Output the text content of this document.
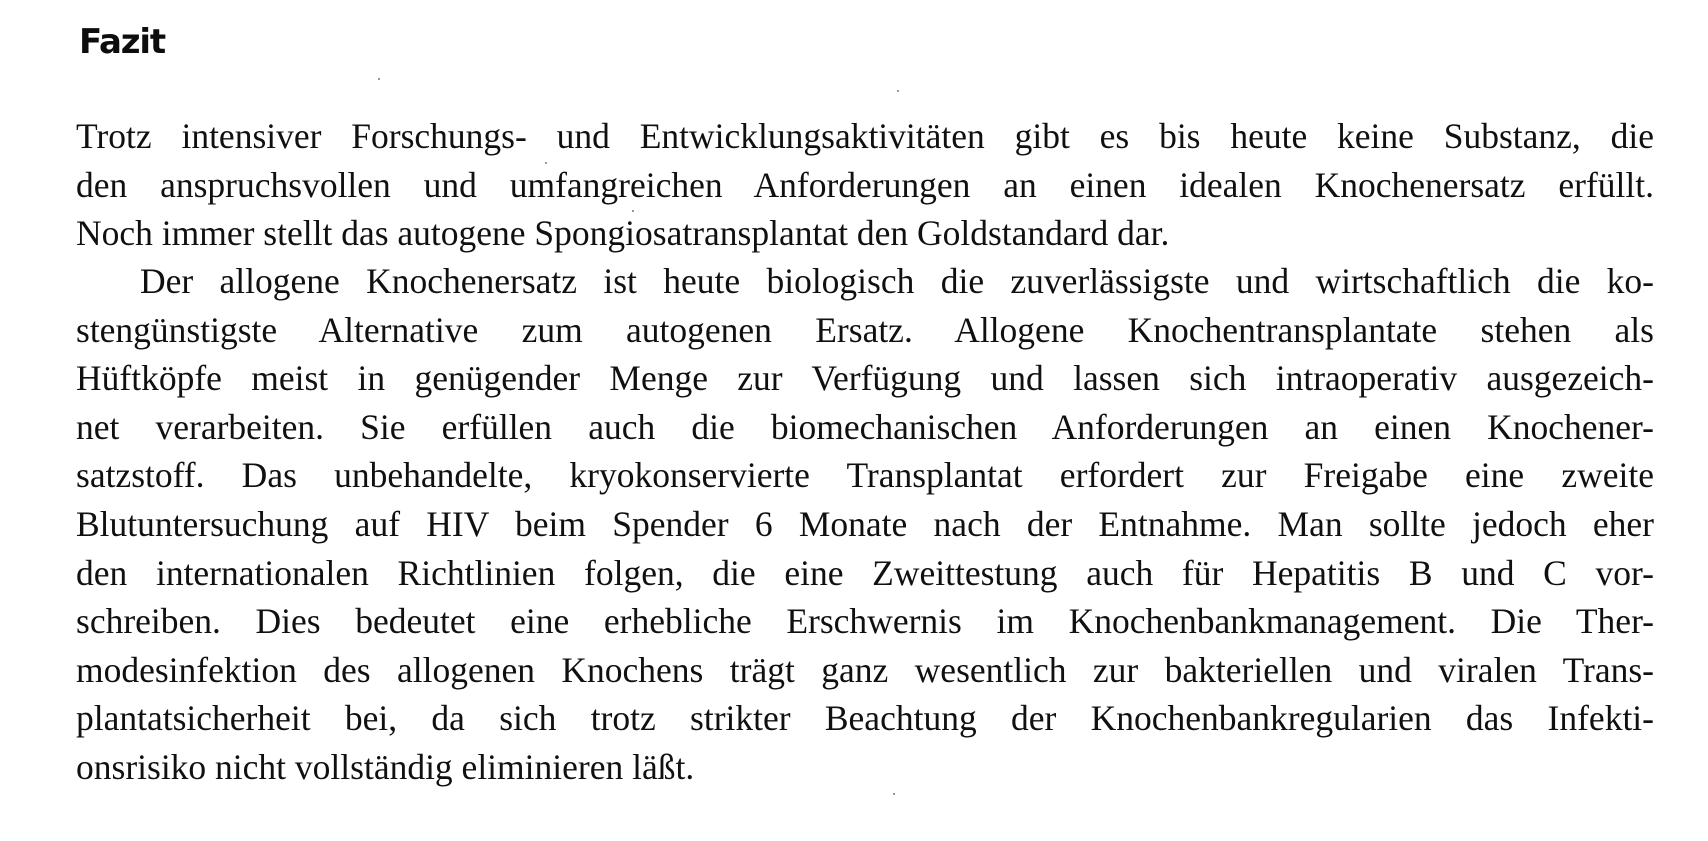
Fazit
Trotz intensiver Forschungs- und Entwicklungsaktivitäten gibt es bis heute keine Substanz, die
den anspruchsvollen und umfangreichen Anforderungen an einen idealen Knochenersatz erfüllt.
Noch immer stellt das autogene Spongiosatransplantat den Goldstandard dar.
Der allogene Knochenersatz ist heute biologisch die zuverlässigste und wirtschaftlich die ko-
stengünstigste Alternative zum autogenen Ersatz. Allogene Knochentransplantate stehen als
Hüftköpfe meist in genügender Menge zur Verfügung und lassen sich intraoperativ ausgezeich-
net verarbeiten. Sie erfüllen auch die biomechanischen Anforderungen an einen Knochener-
satzstoff. Das unbehandelte, kryokonservierte Transplantat erfordert zur Freigabe eine zweite
Blutuntersuchung auf HIV beim Spender 6 Monate nach der Entnahme. Man sollte jedoch eher
den internationalen Richtlinien folgen, die eine Zweittestung auch für Hepatitis B und C vor-
schreiben. Dies bedeutet eine erhebliche Erschwernis im Knochenbankmanagement. Die Ther-
modesinfektion des allogenen Knochens trägt ganz wesentlich zur bakteriellen und viralen Trans-
plantatsicherheit bei, da sich trotz strikter Beachtung der Knochenbankregularien das Infekti-
onsrisiko nicht vollständig eliminieren läßt.
